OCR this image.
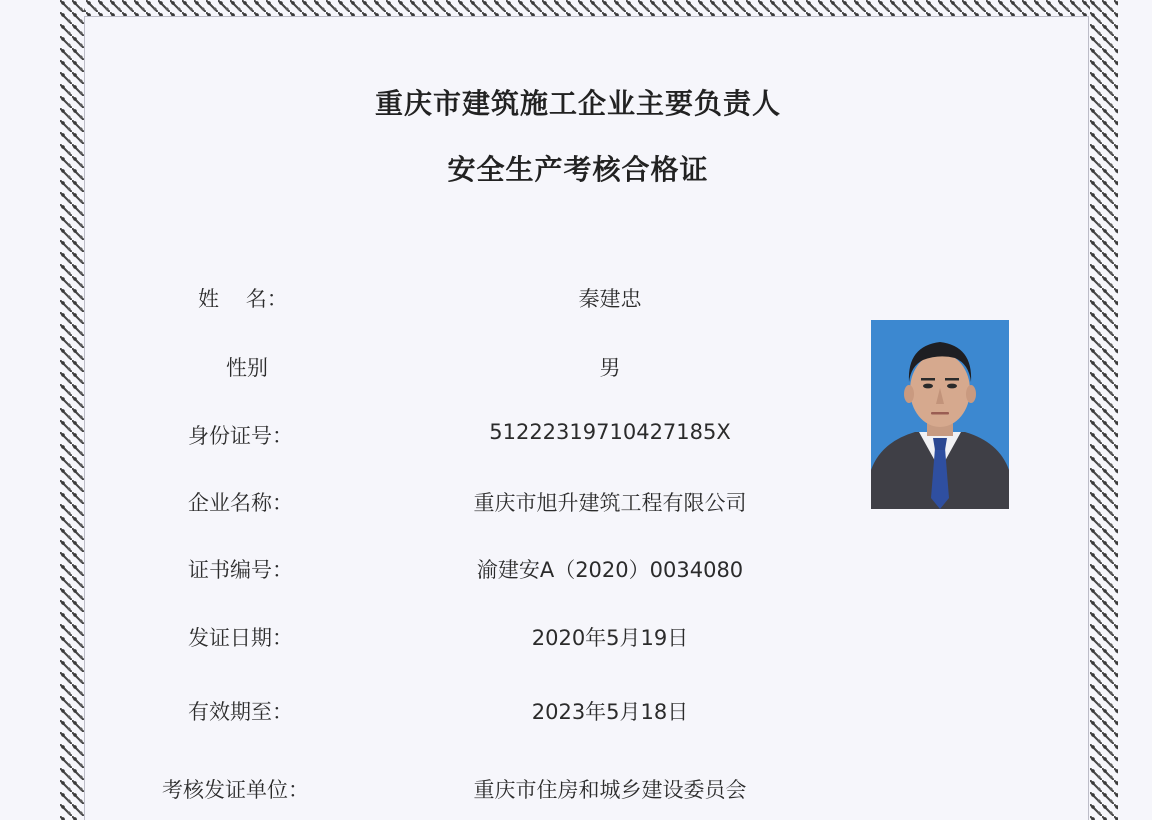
重庆市建筑施工企业主要负责人
安全生产考核合格证
姓    名：	秦建忠
性别	男
身份证号：	51222319710427185X
企业名称：	重庆市旭升建筑工程有限公司
证书编号：	渝建安A（2020）0034080
发证日期：	2020年5月19日
有效期至：	2023年5月18日
考核发证单位：	重庆市住房和城乡建设委员会
